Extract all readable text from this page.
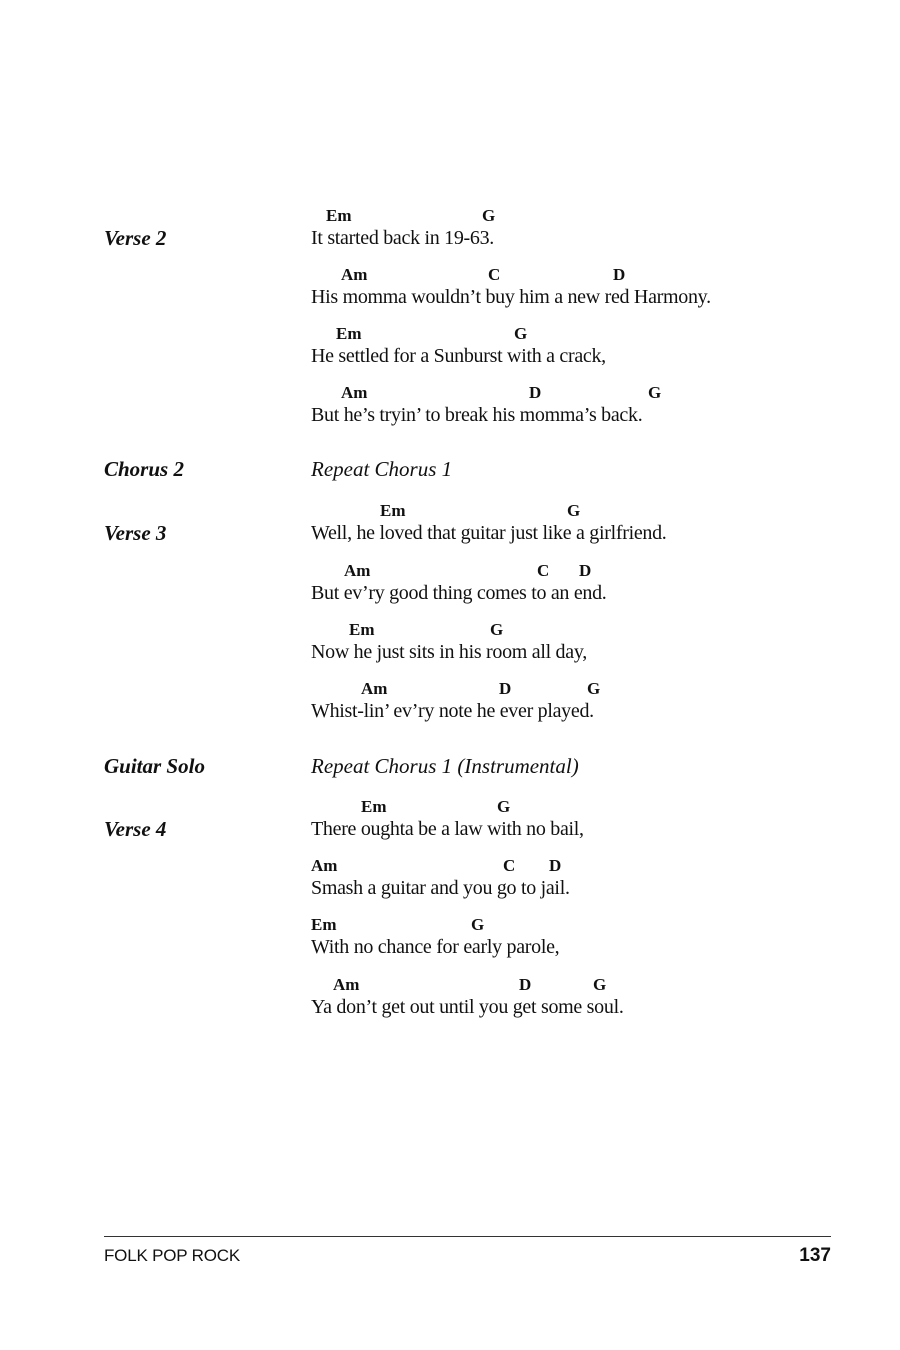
Verse 2
Em	G
It started back in 19-63.
Am	C	D
His momma wouldn’t buy him a new red Harmony.
Em	G
He settled for a Sunburst with a crack,
Am	D	G
But he’s tryin’ to break his momma’s back.
Chorus 2	Repeat Chorus 1
Verse 3
Em	G
Well, he loved that guitar just like a girlfriend.
Am	C D
But ev’ry good thing comes to an end.
Em	G
Now he just sits in his room all day,
Am	D	G
Whist-lin’ ev’ry note he ever played.
Guitar Solo	Repeat Chorus 1 (Instrumental)
Verse 4
Em	G
There oughta be a law with no bail,
Am	C D
Smash a guitar and you go to jail.
Em	G
With no chance for early parole,
Am	D	G
Ya don’t get out until you get some soul.
FOLK POP ROCK	137
